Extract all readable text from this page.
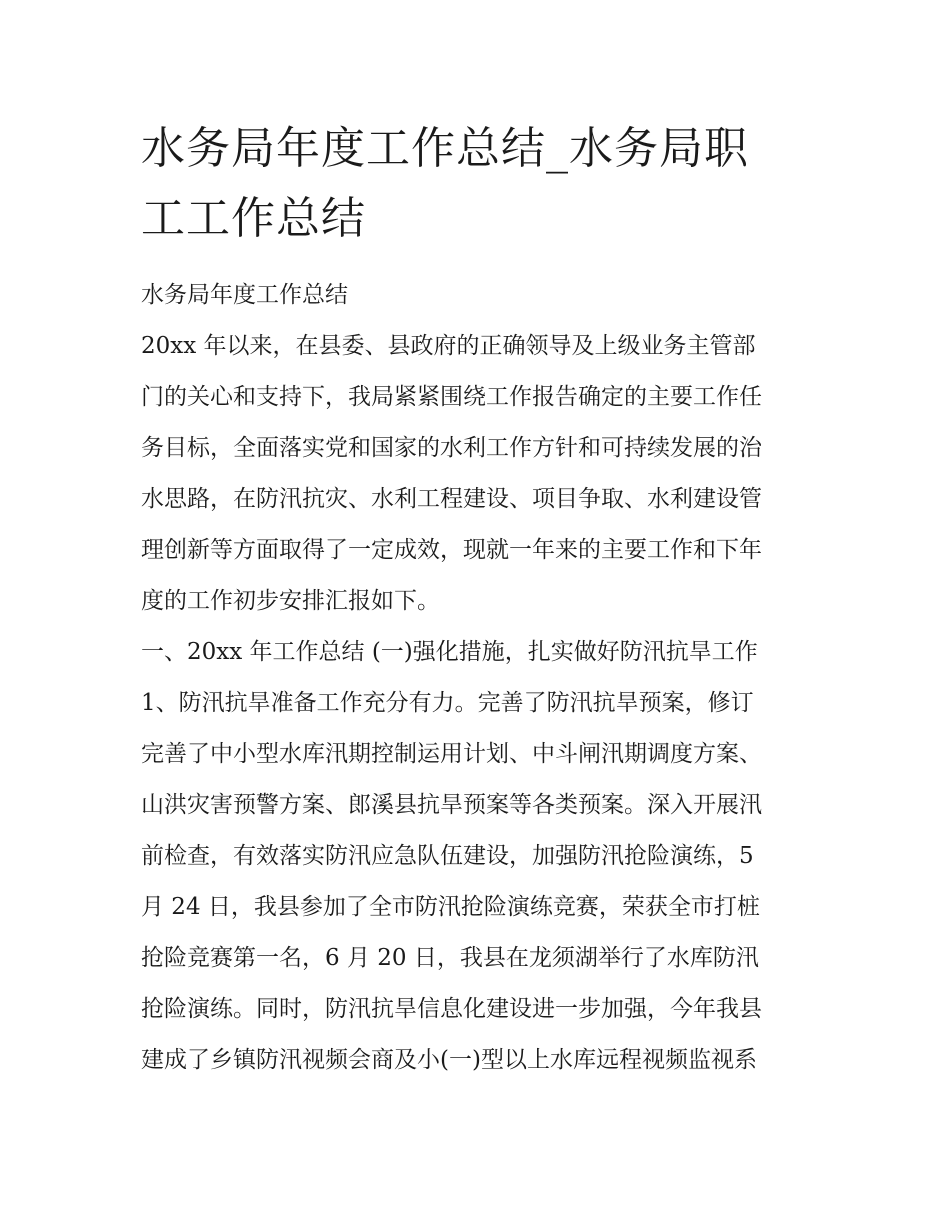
水务局年度工作总结_水务局职
工工作总结
水务局年度工作总结
20xx 年以来，在县委、县政府的正确领导及上级业务主管部
门的关心和支持下，我局紧紧围绕工作报告确定的主要工作任
务目标，全面落实党和国家的水利工作方针和可持续发展的治
水思路，在防汛抗灾、水利工程建设、项目争取、水利建设管
理创新等方面取得了一定成效，现就一年来的主要工作和下年
度的工作初步安排汇报如下。
一、20xx 年工作总结 (一)强化措施，扎实做好防汛抗旱工作
1、防汛抗旱准备工作充分有力。完善了防汛抗旱预案，修订
完善了中小型水库汛期控制运用计划、中斗闸汛期调度方案、
山洪灾害预警方案、郎溪县抗旱预案等各类预案。深入开展汛
前检查，有效落实防汛应急队伍建设，加强防汛抢险演练，5
月 24 日，我县参加了全市防汛抢险演练竞赛，荣获全市打桩
抢险竞赛第一名，6 月 20 日，我县在龙须湖举行了水库防汛
抢险演练。同时，防汛抗旱信息化建设进一步加强，今年我县
建成了乡镇防汛视频会商及小(一)型以上水库远程视频监视系
